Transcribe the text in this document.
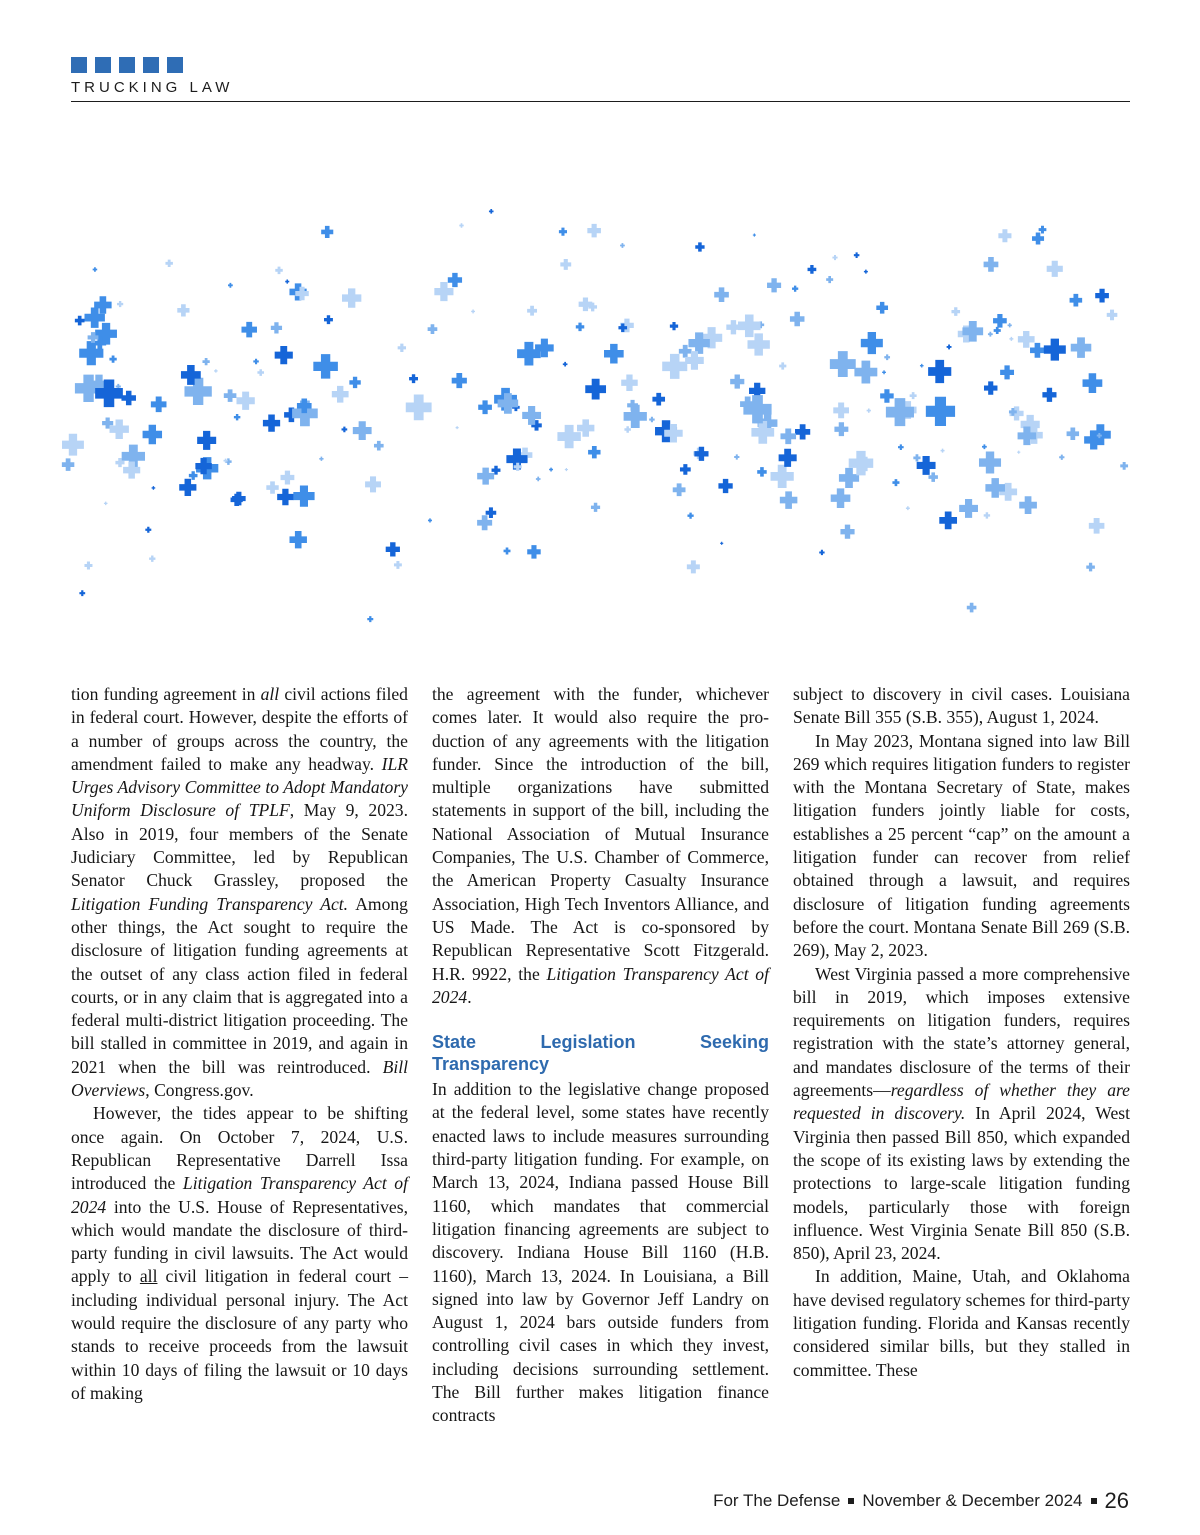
TRUCKING LAW

tion funding agreement in all civil actions filed in federal court. However, despite the efforts of a number of groups across the country, the amendment failed to make any headway. ILR Urges Advisory Committee to Adopt Mandatory Uniform Disclosure of TPLF, May 9, 2023. Also in 2019, four members of the Senate Judiciary Committee, led by Republican Senator Chuck Grassley, proposed the Litigation Funding Transparency Act. Among other things, the Act sought to require the disclosure of litigation funding agreements at the outset of any class action filed in federal courts, or in any claim that is aggregated into a federal multi-district litigation proceeding. The bill stalled in committee in 2019, and again in 2021 when the bill was reintroduced. Bill Overviews, Congress.gov.

However, the tides appear to be shifting once again. On October 7, 2024, U.S. Republican Representative Darrell Issa introduced the Litigation Transparency Act of 2024 into the U.S. House of Representatives, which would mandate the disclosure of third-party funding in civil lawsuits. The Act would apply to all civil litigation in federal court – including individual personal injury. The Act would require the disclosure of any party who stands to receive proceeds from the lawsuit within 10 days of filing the lawsuit or 10 days of making

the agreement with the funder, whichever comes later. It would also require the production of any agreements with the litigation funder. Since the introduction of the bill, multiple organizations have submitted statements in support of the bill, including the National Association of Mutual Insurance Companies, The U.S. Chamber of Commerce, the American Property Casualty Insurance Association, High Tech Inventors Alliance, and US Made. The Act is co-sponsored by Republican Representative Scott Fitzgerald. H.R. 9922, the Litigation Transparency Act of 2024.

State Legislation Seeking Transparency

In addition to the legislative change proposed at the federal level, some states have recently enacted laws to include measures surrounding third-party litigation funding. For example, on March 13, 2024, Indiana passed House Bill 1160, which mandates that commercial litigation financing agreements are subject to discovery. Indiana House Bill 1160 (H.B. 1160), March 13, 2024. In Louisiana, a Bill signed into law by Governor Jeff Landry on August 1, 2024 bars outside funders from controlling civil cases in which they invest, including decisions surrounding settlement. The Bill further makes litigation finance contracts

subject to discovery in civil cases. Louisiana Senate Bill 355 (S.B. 355), August 1, 2024.

In May 2023, Montana signed into law Bill 269 which requires litigation funders to register with the Montana Secretary of State, makes litigation funders jointly liable for costs, establishes a 25 percent “cap” on the amount a litigation funder can recover from relief obtained through a lawsuit, and requires disclosure of litigation funding agreements before the court. Montana Senate Bill 269 (S.B. 269), May 2, 2023.

West Virginia passed a more comprehensive bill in 2019, which imposes extensive requirements on litigation funders, requires registration with the state’s attorney general, and mandates disclosure of the terms of their agreements—regardless of whether they are requested in discovery. In April 2024, West Virginia then passed Bill 850, which expanded the scope of its existing laws by extending the protections to large-scale litigation funding models, particularly those with foreign influence. West Virginia Senate Bill 850 (S.B. 850), April 23, 2024.

In addition, Maine, Utah, and Oklahoma have devised regulatory schemes for third-party litigation funding. Florida and Kansas recently considered similar bills, but they stalled in committee. These

For The Defense November & December 2024 26
